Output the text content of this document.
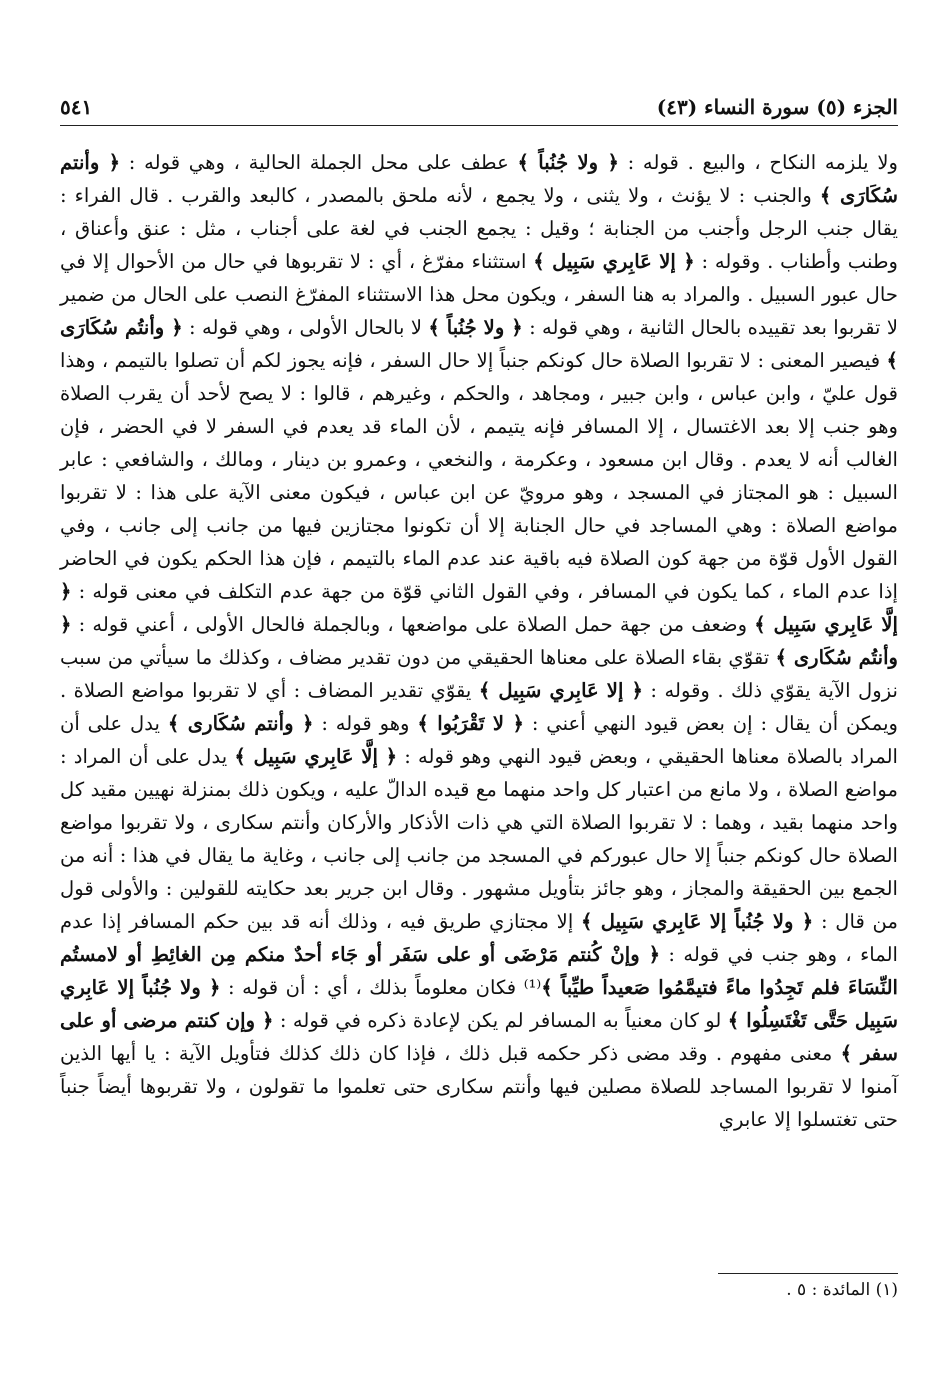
الجزء (٥) سورة النساء (٤٣)
٥٤١

ولا يلزمه النكاح ، والبيع . قوله : ﴿ ولا جُنُباً ﴾ عطف على محل الجملة الحالية ، وهي قوله : ﴿ وأنتم سُكَارَى ﴾ والجنب : لا يؤنث ، ولا يثنى ، ولا يجمع ، لأنه ملحق بالمصدر ، كالبعد والقرب . قال الفراء : يقال جنب الرجل وأجنب من الجنابة ؛ وقيل : يجمع الجنب في لغة على أجناب ، مثل : عنق وأعناق ، وطنب وأطناب . وقوله : ﴿ إلا عَابِري سَبِيل ﴾ استثناء مفرّغ ، أي : لا تقربوها في حال من الأحوال إلا في حال عبور السبيل . والمراد به هنا السفر ، ويكون محل هذا الاستثناء المفرّغ النصب على الحال من ضمير لا تقربوا بعد تقييده بالحال الثانية ، وهي قوله : ﴿ ولا جُنُباً ﴾ لا بالحال الأولى ، وهي قوله : ﴿ وأنتُم سُكَارَى ﴾ فيصير المعنى : لا تقربوا الصلاة حال كونكم جنباً إلا حال السفر ، فإنه يجوز لكم أن تصلوا بالتيمم ، وهذا قول عليّ ، وابن عباس ، وابن جبير ، ومجاهد ، والحكم ، وغيرهم ، قالوا : لا يصح لأحد أن يقرب الصلاة وهو جنب إلا بعد الاغتسال ، إلا المسافر فإنه يتيمم ، لأن الماء قد يعدم في السفر لا في الحضر ، فإن الغالب أنه لا يعدم . وقال ابن مسعود ، وعكرمة ، والنخعي ، وعمرو بن دينار ، ومالك ، والشافعي : عابر السبيل : هو المجتاز في المسجد ، وهو مرويّ عن ابن عباس ، فيكون معنى الآية على هذا : لا تقربوا مواضع الصلاة : وهي المساجد في حال الجنابة إلا أن تكونوا مجتازين فيها من جانب إلى جانب ، وفي القول الأول قوّة من جهة كون الصلاة فيه باقية عند عدم الماء بالتيمم ، فإن هذا الحكم يكون في الحاضر إذا عدم الماء ، كما يكون في المسافر ، وفي القول الثاني قوّة من جهة عدم التكلف في معنى قوله : ﴿ إلَّا عَابِري سَبِيل ﴾ وضعف من جهة حمل الصلاة على مواضعها ، وبالجملة فالحال الأولى ، أعني قوله : ﴿ وأنتُم سُكَارى ﴾ تقوّي بقاء الصلاة على معناها الحقيقي من دون تقدير مضاف ، وكذلك ما سيأتي من سبب نزول الآية يقوّي ذلك . وقوله : ﴿ إلا عَابِري سَبِيل ﴾ يقوّي تقدير المضاف : أي لا تقربوا مواضع الصلاة . ويمكن أن يقال : إن بعض قيود النهي أعني : ﴿ لا تَقْرَبُوا ﴾ وهو قوله : ﴿ وأنتم سُكَارى ﴾ يدل على أن المراد بالصلاة معناها الحقيقي ، وبعض قيود النهي وهو قوله : ﴿ إلَّا عَابِري سَبِيل ﴾ يدل على أن المراد : مواضع الصلاة ، ولا مانع من اعتبار كل واحد منهما مع قيده الدالّ عليه ، ويكون ذلك بمنزلة نهيين مقيد كل واحد منهما بقيد ، وهما : لا تقربوا الصلاة التي هي ذات الأذكار والأركان وأنتم سكارى ، ولا تقربوا مواضع الصلاة حال كونكم جنباً إلا حال عبوركم في المسجد من جانب إلى جانب ، وغاية ما يقال في هذا : أنه من الجمع بين الحقيقة والمجاز ، وهو جائز بتأويل مشهور . وقال ابن جرير بعد حكايته للقولين : والأولى قول من قال : ﴿ ولا جُنُباً إلا عَابِري سَبِيل ﴾ إلا مجتازي طريق فيه ، وذلك أنه قد بين حكم المسافر إذا عدم الماء ، وهو جنب في قوله : ﴿ وإنْ كُنتم مَرْضَى أو على سَفَر أو جَاء أحدٌ منكم مِن الغائِطِ أو لامستُم النِّسَاءَ فلم تَجِدُوا ماءً فتيمَّمُوا صَعيداً طيِّباً ﴾⁽¹⁾ فكان معلوماً بذلك ، أي : أن قوله : ﴿ ولا جُنُباً إلا عَابِري سَبِيل حَتَّى تَغْتَسِلُوا ﴾ لو كان معنياً به المسافر لم يكن لإعادة ذكره في قوله : ﴿ وإن كنتم مرضى أو على سفر ﴾ معنى مفهوم . وقد مضى ذكر حكمه قبل ذلك ، فإذا كان ذلك كذلك فتأويل الآية : يا أيها الذين آمنوا لا تقربوا المساجد للصلاة مصلين فيها وأنتم سكارى حتى تعلموا ما تقولون ، ولا تقربوها أيضاً جنباً حتى تغتسلوا إلا عابري

(١) المائدة : ٥ .
